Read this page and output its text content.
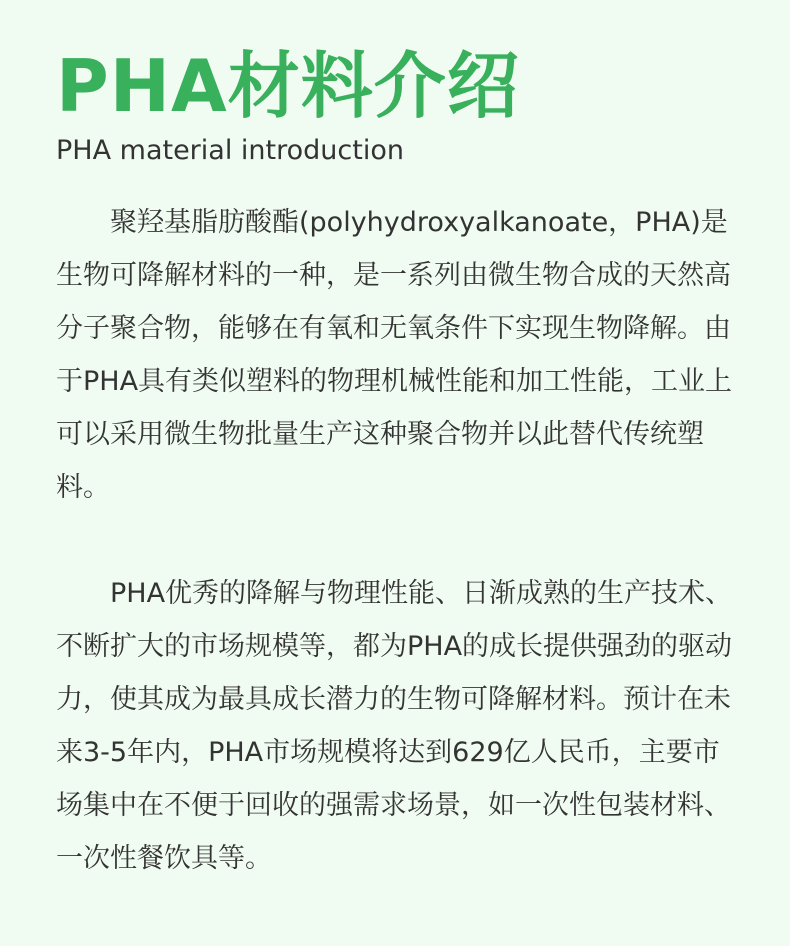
PHA材料介绍
PHA material introduction

聚羟基脂肪酸酯(polyhydroxyalkanoate，PHA)是生物可降解材料的一种，是一系列由微生物合成的天然高分子聚合物，能够在有氧和无氧条件下实现生物降解。由于PHA具有类似塑料的物理机械性能和加工性能，工业上可以采用微生物批量生产这种聚合物并以此替代传统塑料。

PHA优秀的降解与物理性能、日渐成熟的生产技术、不断扩大的市场规模等，都为PHA的成长提供强劲的驱动力，使其成为最具成长潜力的生物可降解材料。预计在未来3-5年内，PHA市场规模将达到629亿人民币，主要市场集中在不便于回收的强需求场景，如一次性包装材料、一次性餐饮具等。
